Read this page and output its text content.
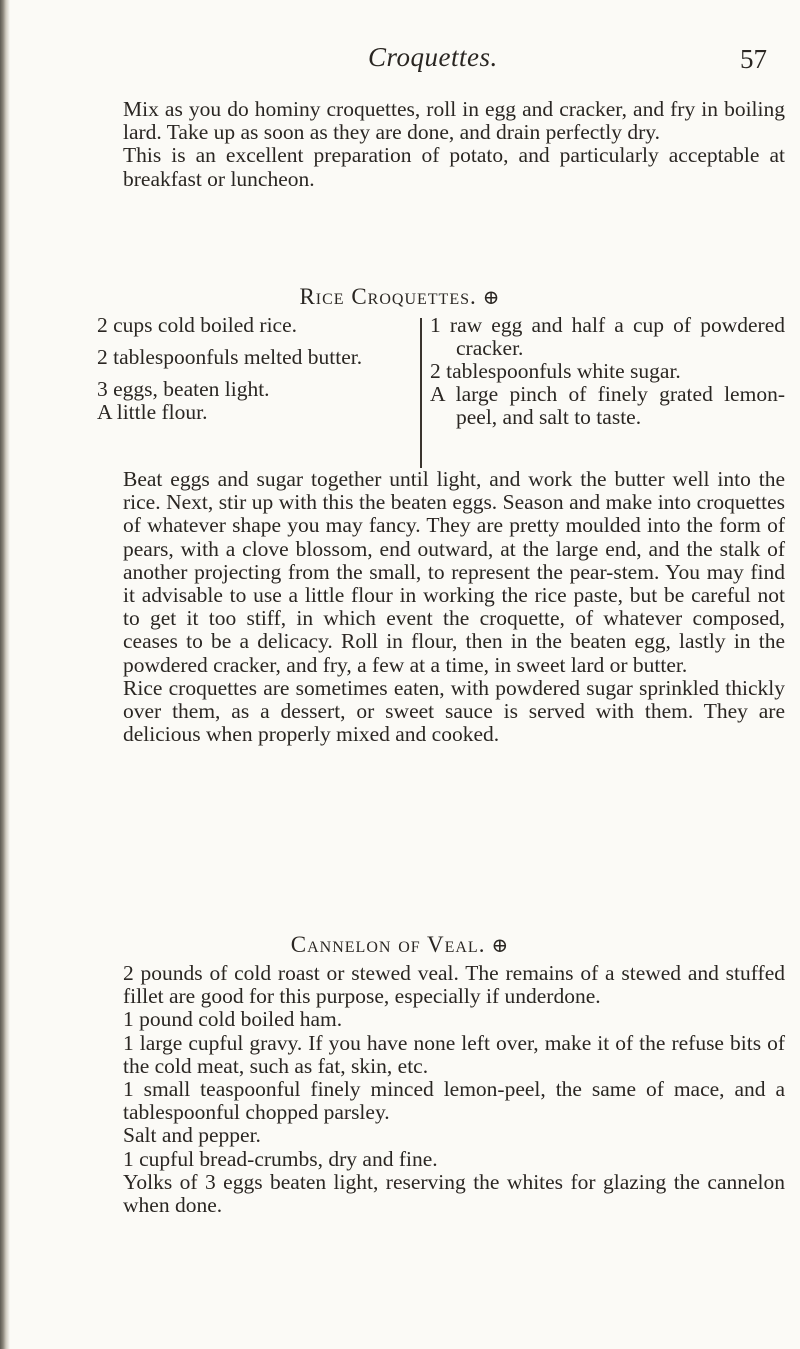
Croquettes.	57

Mix as you do hominy croquettes, roll in egg and cracker, and fry in boiling lard. Take up as soon as they are done, and drain perfectly dry.

This is an excellent preparation of potato, and particularly acceptable at breakfast or luncheon.

Rice Croquettes. ⊕
2 cups cold boiled rice.
2 tablespoonfuls melted butter.
3 eggs, beaten light.
A little flour.
1 raw egg and half a cup of powdered cracker.
2 tablespoonfuls white sugar.
A large pinch of finely grated lemon-peel, and salt to taste.

Beat eggs and sugar together until light, and work the butter well into the rice. Next, stir up with this the beaten eggs. Season and make into croquettes of whatever shape you may fancy. They are pretty moulded into the form of pears, with a clove blossom, end outward, at the large end, and the stalk of another projecting from the small, to represent the pear-stem. You may find it advisable to use a little flour in working the rice paste, but be careful not to get it too stiff, in which event the croquette, of whatever composed, ceases to be a delicacy. Roll in flour, then in the beaten egg, lastly in the powdered cracker, and fry, a few at a time, in sweet lard or butter.

Rice croquettes are sometimes eaten, with powdered sugar sprinkled thickly over them, as a dessert, or sweet sauce is served with them. They are delicious when properly mixed and cooked.

Cannelon of Veal. ⊕

2 pounds of cold roast or stewed veal. The remains of a stewed and stuffed fillet are good for this purpose, especially if underdone.

1 pound cold boiled ham.

1 large cupful gravy. If you have none left over, make it of the refuse bits of the cold meat, such as fat, skin, etc.

1 small teaspoonful finely minced lemon-peel, the same of mace, and a tablespoonful chopped parsley.

Salt and pepper.

1 cupful bread-crumbs, dry and fine.

Yolks of 3 eggs beaten light, reserving the whites for glazing the cannelon when done.
